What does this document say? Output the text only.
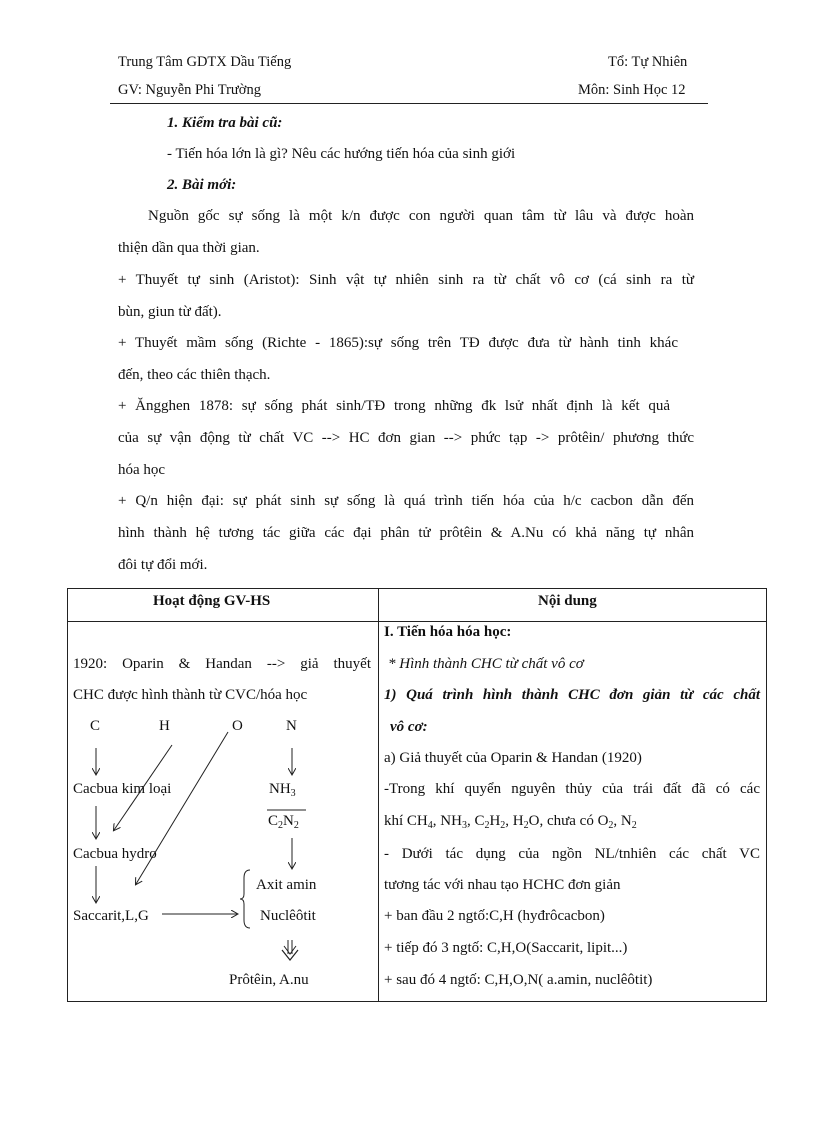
Trung Tâm GDTX Dầu Tiếng	Tổ: Tự Nhiên
GV: Nguyễn Phi Trường	Môn: Sinh Học 12
1. Kiểm tra bài cũ:
- Tiến hóa lớn là gì? Nêu các hướng tiến hóa của sinh giới
2. Bài mới:
Nguồn gốc sự sống là một k/n được con người quan tâm từ lâu và được hoàn
thiện dần qua thời gian.
+ Thuyết tự sinh (Aristot): Sinh vật tự nhiên sinh ra từ chất vô cơ (cá sinh ra từ
bùn, giun từ đất).
+ Thuyết mầm sống (Richte - 1865):sự sống trên TĐ được đưa từ hành tinh khác
đến, theo các thiên thạch.
+ Ăngghen 1878: sự sống phát sinh/TĐ trong những đk lsử nhất định là kết quả
của sự vận động từ chất VC --> HC đơn gian --> phức tạp -> prôtêin/ phương thức
hóa học
+ Q/n hiện đại: sự phát sinh sự sống là quá trình tiến hóa của h/c cacbon dẫn đến
hình thành hệ tương tác giữa các đại phân tử prôtêin & A.Nu có khả năng tự nhân
đôi tự đổi mới.
Hoạt động GV-HS	Nội dung
1920: Oparin & Handan --> giả thuyết
CHC được hình thành từ CVC/hóa học
C	H	O	N
Cacbua kim loại	$NH_3$
$C_2N_2$
Cacbua hydro
Axit amin
Saccarit,L,G	Nuclêôtit
Prôtêin, A.nu
I. Tiến hóa hóa học:
* Hình thành CHC từ chất vô cơ
1) Quá trình hình thành CHC đơn giản từ các chất
vô cơ:
a) Giả thuyết của Oparin & Handan (1920)
-Trong khí quyển nguyên thủy của trái đất đã có các
khí $CH_4$, $NH_3$, $C_2H_2$, $H_2O$, chưa có $O_2$, $N_2$
- Dưới tác dụng của ngồn NL/tnhiên các chất VC
tương tác với nhau tạo HCHC đơn giản
+ ban đầu 2 ngtố:C,H (hyđrôcacbon)
+ tiếp đó 3 ngtố: C,H,O(Saccarit, lipit...)
+ sau đó 4 ngtố: C,H,O,N( a.amin, nuclêôtit)
